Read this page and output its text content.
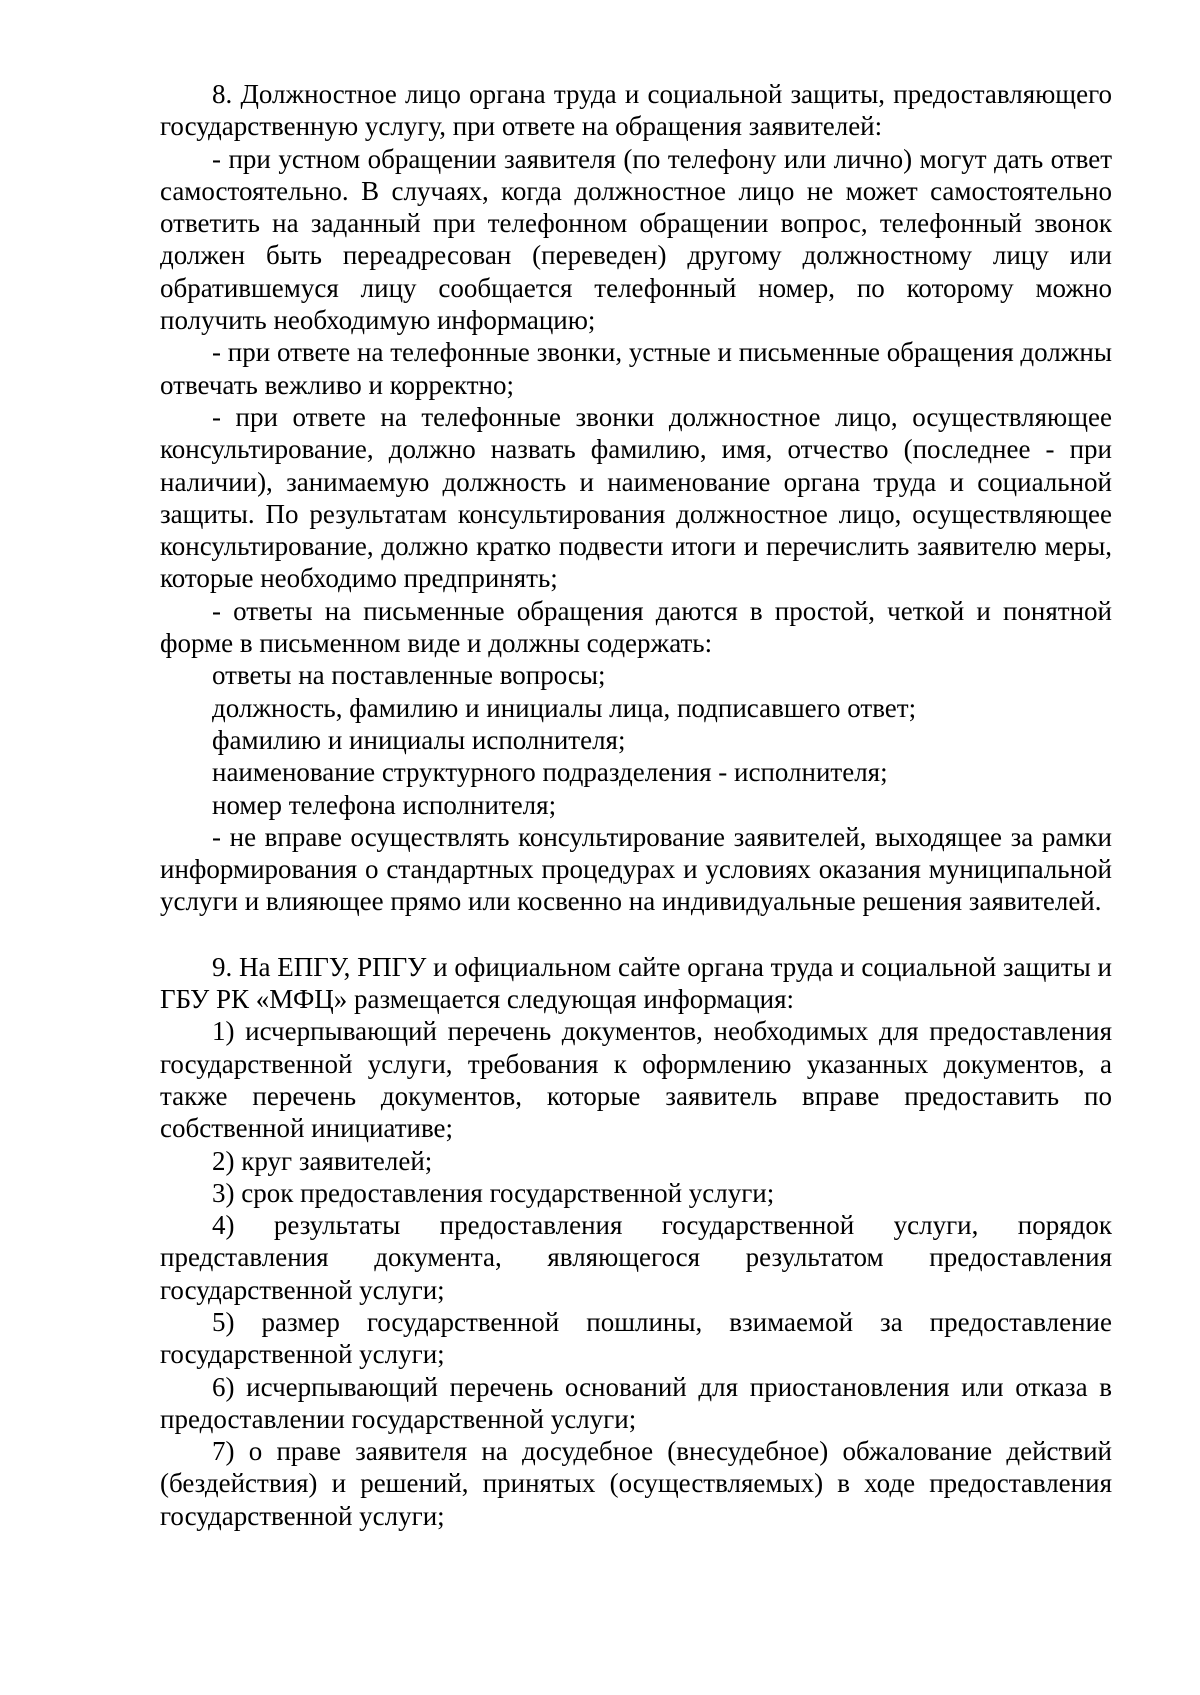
8. Должностное лицо органа труда и социальной защиты, предоставляющего государственную услугу, при ответе на обращения заявителей:

- при устном обращении заявителя (по телефону или лично) могут дать ответ самостоятельно. В случаях, когда должностное лицо не может самостоятельно ответить на заданный при телефонном обращении вопрос, телефонный звонок должен быть переадресован (переведен) другому должностному лицу или обратившемуся лицу сообщается телефонный номер, по которому можно получить необходимую информацию;

- при ответе на телефонные звонки, устные и письменные обращения должны отвечать вежливо и корректно;

- при ответе на телефонные звонки должностное лицо, осуществляющее консультирование, должно назвать фамилию, имя, отчество (последнее - при наличии), занимаемую должность и наименование органа труда и социальной защиты. По результатам консультирования должностное лицо, осуществляющее консультирование, должно кратко подвести итоги и перечислить заявителю меры, которые необходимо предпринять;

- ответы на письменные обращения даются в простой, четкой и понятной форме в письменном виде и должны содержать:

ответы на поставленные вопросы;

должность, фамилию и инициалы лица, подписавшего ответ;

фамилию и инициалы исполнителя;

наименование структурного подразделения - исполнителя;

номер телефона исполнителя;

- не вправе осуществлять консультирование заявителей, выходящее за рамки информирования о стандартных процедурах и условиях оказания муниципальной услуги и влияющее прямо или косвенно на индивидуальные решения заявителей.

9. На ЕПГУ, РПГУ и официальном сайте органа труда и социальной защиты и ГБУ РК «МФЦ» размещается следующая информация:

1) исчерпывающий перечень документов, необходимых для предоставления государственной услуги, требования к оформлению указанных документов, а также перечень документов, которые заявитель вправе предоставить по собственной инициативе;

2) круг заявителей;

3) срок предоставления государственной услуги;

4) результаты предоставления государственной услуги, порядок представления документа, являющегося результатом предоставления государственной услуги;

5) размер государственной пошлины, взимаемой за предоставление государственной услуги;

6) исчерпывающий перечень оснований для приостановления или отказа в предоставлении государственной услуги;

7) о праве заявителя на досудебное (внесудебное) обжалование действий (бездействия) и решений, принятых (осуществляемых) в ходе предоставления государственной услуги;
